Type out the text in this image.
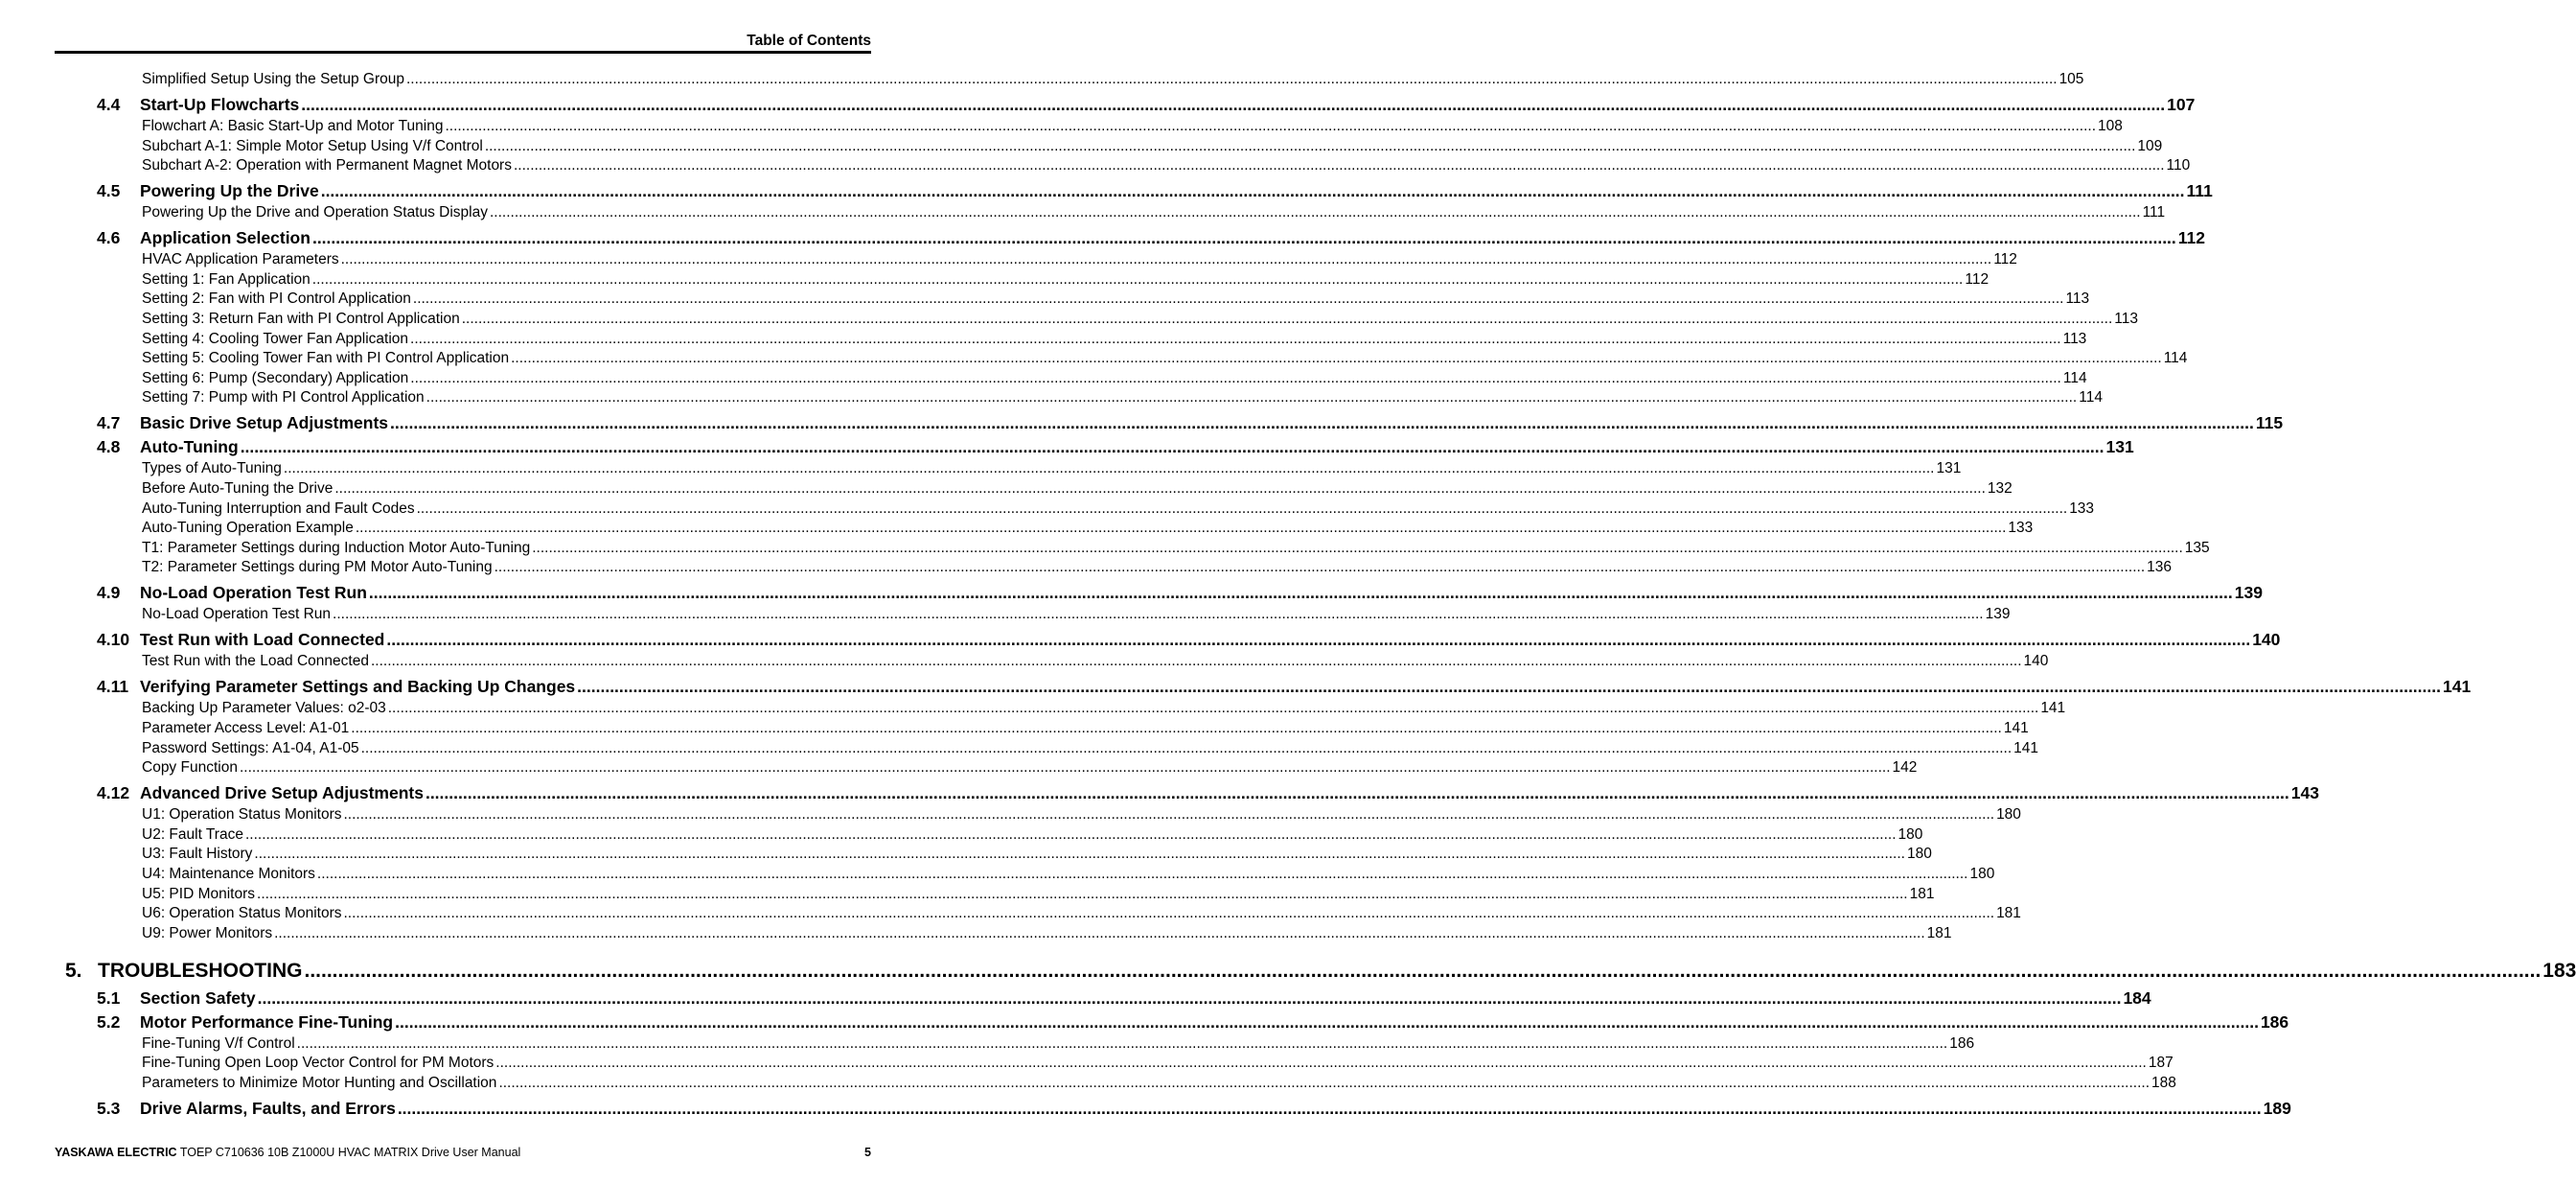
Table of Contents
Simplified Setup Using the Setup Group ................................................................................................................................................................................................................................................................................................................................................................................................................ 105
4.4	Start-Up Flowcharts ................................................................................................................................................................................................................................................................................................................................................................................................................ 107
Flowchart A: Basic Start-Up and Motor Tuning ................................................................................................................................................................................................................................................................................................................................................................................................................ 108
Subchart A-1: Simple Motor Setup Using V/f Control ................................................................................................................................................................................................................................................................................................................................................................................................................ 109
Subchart A-2: Operation with Permanent Magnet Motors ................................................................................................................................................................................................................................................................................................................................................................................................................ 110
4.5	Powering Up the Drive ................................................................................................................................................................................................................................................................................................................................................................................................................ 111
Powering Up the Drive and Operation Status Display ................................................................................................................................................................................................................................................................................................................................................................................................................ 111
4.6	Application Selection ................................................................................................................................................................................................................................................................................................................................................................................................................ 112
HVAC Application Parameters ................................................................................................................................................................................................................................................................................................................................................................................................................ 112
Setting 1: Fan Application ................................................................................................................................................................................................................................................................................................................................................................................................................ 112
Setting 2: Fan with PI Control Application ................................................................................................................................................................................................................................................................................................................................................................................................................ 113
Setting 3: Return Fan with PI Control Application ................................................................................................................................................................................................................................................................................................................................................................................................................ 113
Setting 4: Cooling Tower Fan Application ................................................................................................................................................................................................................................................................................................................................................................................................................ 113
Setting 5: Cooling Tower Fan with PI Control Application ................................................................................................................................................................................................................................................................................................................................................................................................................ 114
Setting 6: Pump (Secondary) Application ................................................................................................................................................................................................................................................................................................................................................................................................................ 114
Setting 7: Pump with PI Control Application ................................................................................................................................................................................................................................................................................................................................................................................................................ 114
4.7	Basic Drive Setup Adjustments ................................................................................................................................................................................................................................................................................................................................................................................................................ 115
4.8	Auto-Tuning ................................................................................................................................................................................................................................................................................................................................................................................................................ 131
Types of Auto-Tuning ................................................................................................................................................................................................................................................................................................................................................................................................................ 131
Before Auto-Tuning the Drive ................................................................................................................................................................................................................................................................................................................................................................................................................ 132
Auto-Tuning Interruption and Fault Codes ................................................................................................................................................................................................................................................................................................................................................................................................................ 133
Auto-Tuning Operation Example ................................................................................................................................................................................................................................................................................................................................................................................................................ 133
T1: Parameter Settings during Induction Motor Auto-Tuning ................................................................................................................................................................................................................................................................................................................................................................................................................ 135
T2: Parameter Settings during PM Motor Auto-Tuning ................................................................................................................................................................................................................................................................................................................................................................................................................ 136
4.9	No-Load Operation Test Run ................................................................................................................................................................................................................................................................................................................................................................................................................ 139
No-Load Operation Test Run ................................................................................................................................................................................................................................................................................................................................................................................................................ 139
4.10 Test Run with Load Connected ................................................................................................................................................................................................................................................................................................................................................................................................................ 140
Test Run with the Load Connected ................................................................................................................................................................................................................................................................................................................................................................................................................ 140
4.11 Verifying Parameter Settings and Backing Up Changes ................................................................................................................................................................................................................................................................................................................................................................................................................ 141
Backing Up Parameter Values: o2-03 ................................................................................................................................................................................................................................................................................................................................................................................................................ 141
Parameter Access Level: A1-01 ................................................................................................................................................................................................................................................................................................................................................................................................................ 141
Password Settings: A1-04, A1-05 ................................................................................................................................................................................................................................................................................................................................................................................................................ 141
Copy Function ................................................................................................................................................................................................................................................................................................................................................................................................................ 142
4.12 Advanced Drive Setup Adjustments ................................................................................................................................................................................................................................................................................................................................................................................................................ 143
U1: Operation Status Monitors ................................................................................................................................................................................................................................................................................................................................................................................................................ 180
U2: Fault Trace ................................................................................................................................................................................................................................................................................................................................................................................................................ 180
U3: Fault History ................................................................................................................................................................................................................................................................................................................................................................................................................ 180
U4: Maintenance Monitors ................................................................................................................................................................................................................................................................................................................................................................................................................ 180
U5: PID Monitors ................................................................................................................................................................................................................................................................................................................................................................................................................ 181
U6: Operation Status Monitors ................................................................................................................................................................................................................................................................................................................................................................................................................ 181
U9: Power Monitors ................................................................................................................................................................................................................................................................................................................................................................................................................ 181
5. TROUBLESHOOTING ................................................................................................................................................................................................................................................................................................................................................................................................................ 183
5.1	Section Safety ................................................................................................................................................................................................................................................................................................................................................................................................................ 184
5.2	Motor Performance Fine-Tuning ................................................................................................................................................................................................................................................................................................................................................................................................................ 186
Fine-Tuning V/f Control ................................................................................................................................................................................................................................................................................................................................................................................................................ 186
Fine-Tuning Open Loop Vector Control for PM Motors ................................................................................................................................................................................................................................................................................................................................................................................................................ 187
Parameters to Minimize Motor Hunting and Oscillation ................................................................................................................................................................................................................................................................................................................................................................................................................ 188
5.3	Drive Alarms, Faults, and Errors ................................................................................................................................................................................................................................................................................................................................................................................................................ 189
YASKAWA ELECTRIC TOEP C710636 10B Z1000U HVAC MATRIX Drive User Manual	5
